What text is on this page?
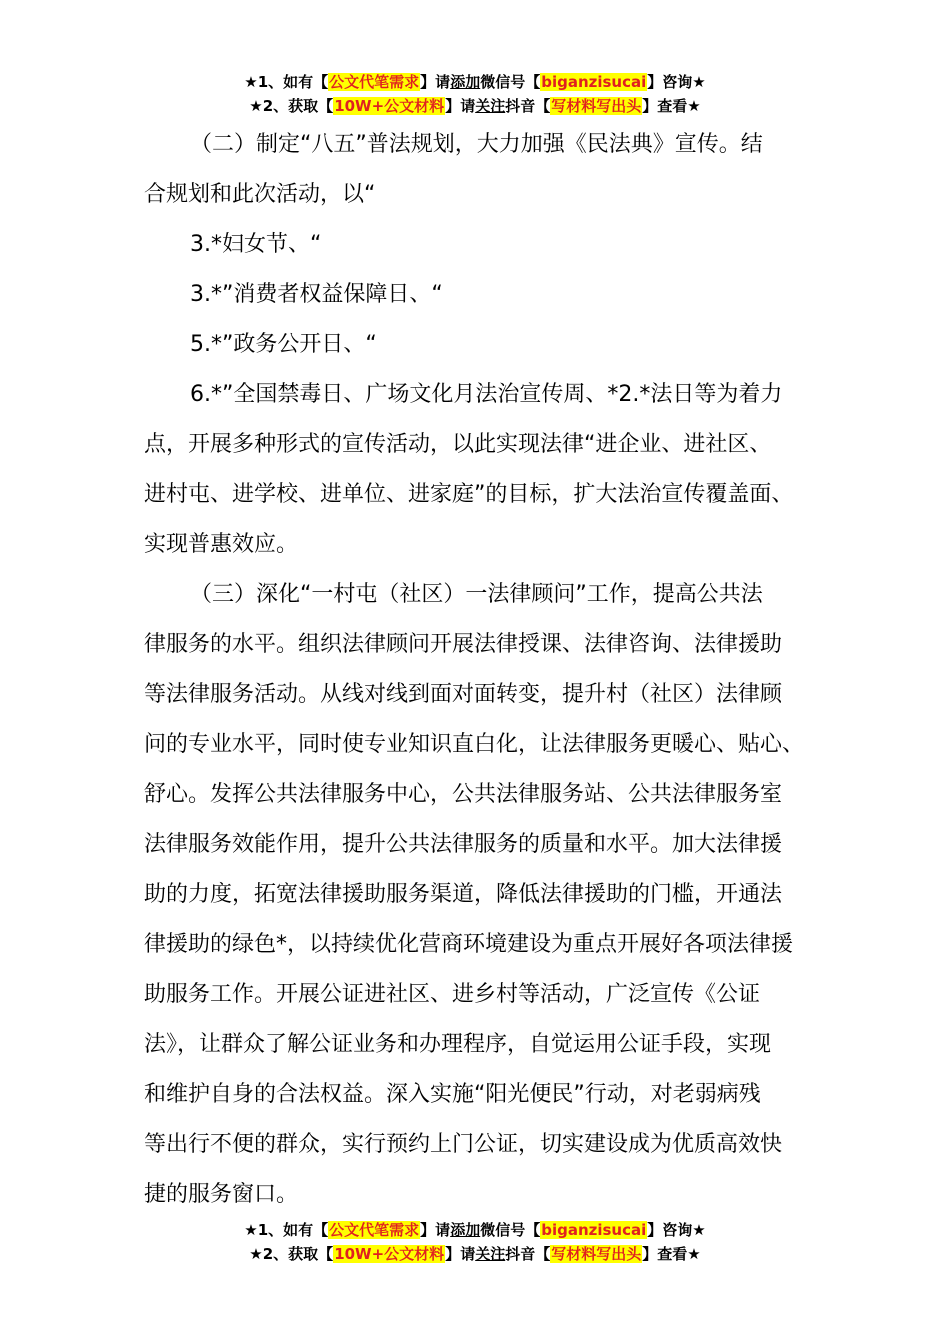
★1、如有【公文代笔需求】请添加微信号【biganzisucai】咨询★
★2、获取【10W+公文材料】请关注抖音【写材料写出头】查看★
（二）制定“八五”普法规划，大力加强《民法典》宣传。结
合规划和此次活动，以“
3.*妇女节、“
3.*”消费者权益保障日、“
5.*”政务公开日、“
6.*”全国禁毒日、广场文化月法治宣传周、*2.*法日等为着力
点，开展多种形式的宣传活动，以此实现法律“进企业、进社区、
进村屯、进学校、进单位、进家庭”的目标，扩大法治宣传覆盖面、
实现普惠效应。
（三）深化“一村屯（社区）一法律顾问”工作，提高公共法
律服务的水平。组织法律顾问开展法律授课、法律咨询、法律援助
等法律服务活动。从线对线到面对面转变，提升村（社区）法律顾
问的专业水平，同时使专业知识直白化，让法律服务更暖心、贴心、
舒心。发挥公共法律服务中心，公共法律服务站、公共法律服务室
法律服务效能作用，提升公共法律服务的质量和水平。加大法律援
助的力度，拓宽法律援助服务渠道，降低法律援助的门槛，开通法
律援助的绿色*，以持续优化营商环境建设为重点开展好各项法律援
助服务工作。开展公证进社区、进乡村等活动，广泛宣传《公证
法》，让群众了解公证业务和办理程序，自觉运用公证手段，实现
和维护自身的合法权益。深入实施“阳光便民”行动，对老弱病残
等出行不便的群众，实行预约上门公证，切实建设成为优质高效快
捷的服务窗口。
★1、如有【公文代笔需求】请添加微信号【biganzisucai】咨询★
★2、获取【10W+公文材料】请关注抖音【写材料写出头】查看★
